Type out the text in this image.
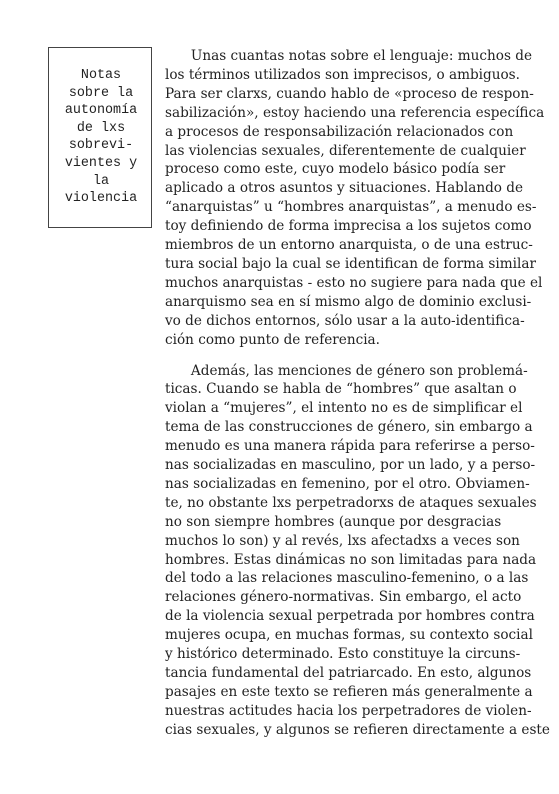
Notas
sobre la
autonomía
de lxs
sobrevi-
vientes y
la
violencia
Unas cuantas notas sobre el lenguaje: muchos de
los términos utilizados son imprecisos, o ambiguos.
Para ser clarxs, cuando hablo de «proceso de respon-
sabilización», estoy haciendo una referencia específica
a procesos de responsabilización relacionados con
las violencias sexuales, diferentemente de cualquier
proceso como este, cuyo modelo básico podía ser
aplicado a otros asuntos y situaciones. Hablando de
“anarquistas” u “hombres anarquistas”, a menudo es-
toy definiendo de forma imprecisa a los sujetos como
miembros de un entorno anarquista, o de una estruc-
tura social bajo la cual se identifican de forma similar
muchos anarquistas - esto no sugiere para nada que el
anarquismo sea en sí mismo algo de dominio exclusi-
vo de dichos entornos, sólo usar a la auto-identifica-
ción como punto de referencia.
Además, las menciones de género son problemá-
ticas. Cuando se habla de “hombres” que asaltan o
violan a “mujeres”, el intento no es de simplificar el
tema de las construcciones de género, sin embargo a
menudo es una manera rápida para referirse a perso-
nas socializadas en masculino, por un lado, y a perso-
nas socializadas en femenino, por el otro. Obviamen-
te, no obstante lxs perpetradorxs de ataques sexuales
no son siempre hombres (aunque por desgracias
muchos lo son) y al revés, lxs afectadxs a veces son
hombres. Estas dinámicas no son limitadas para nada
del todo a las relaciones masculino-femenino, o a las
relaciones género-normativas. Sin embargo, el acto
de la violencia sexual perpetrada por hombres contra
mujeres ocupa, en muchas formas, su contexto social
y histórico determinado. Esto constituye la circuns-
tancia fundamental del patriarcado. En esto, algunos
pasajes en este texto se refieren más generalmente a
nuestras actitudes hacia los perpetradores de violen-
cias sexuales, y algunos se refieren directamente a este
